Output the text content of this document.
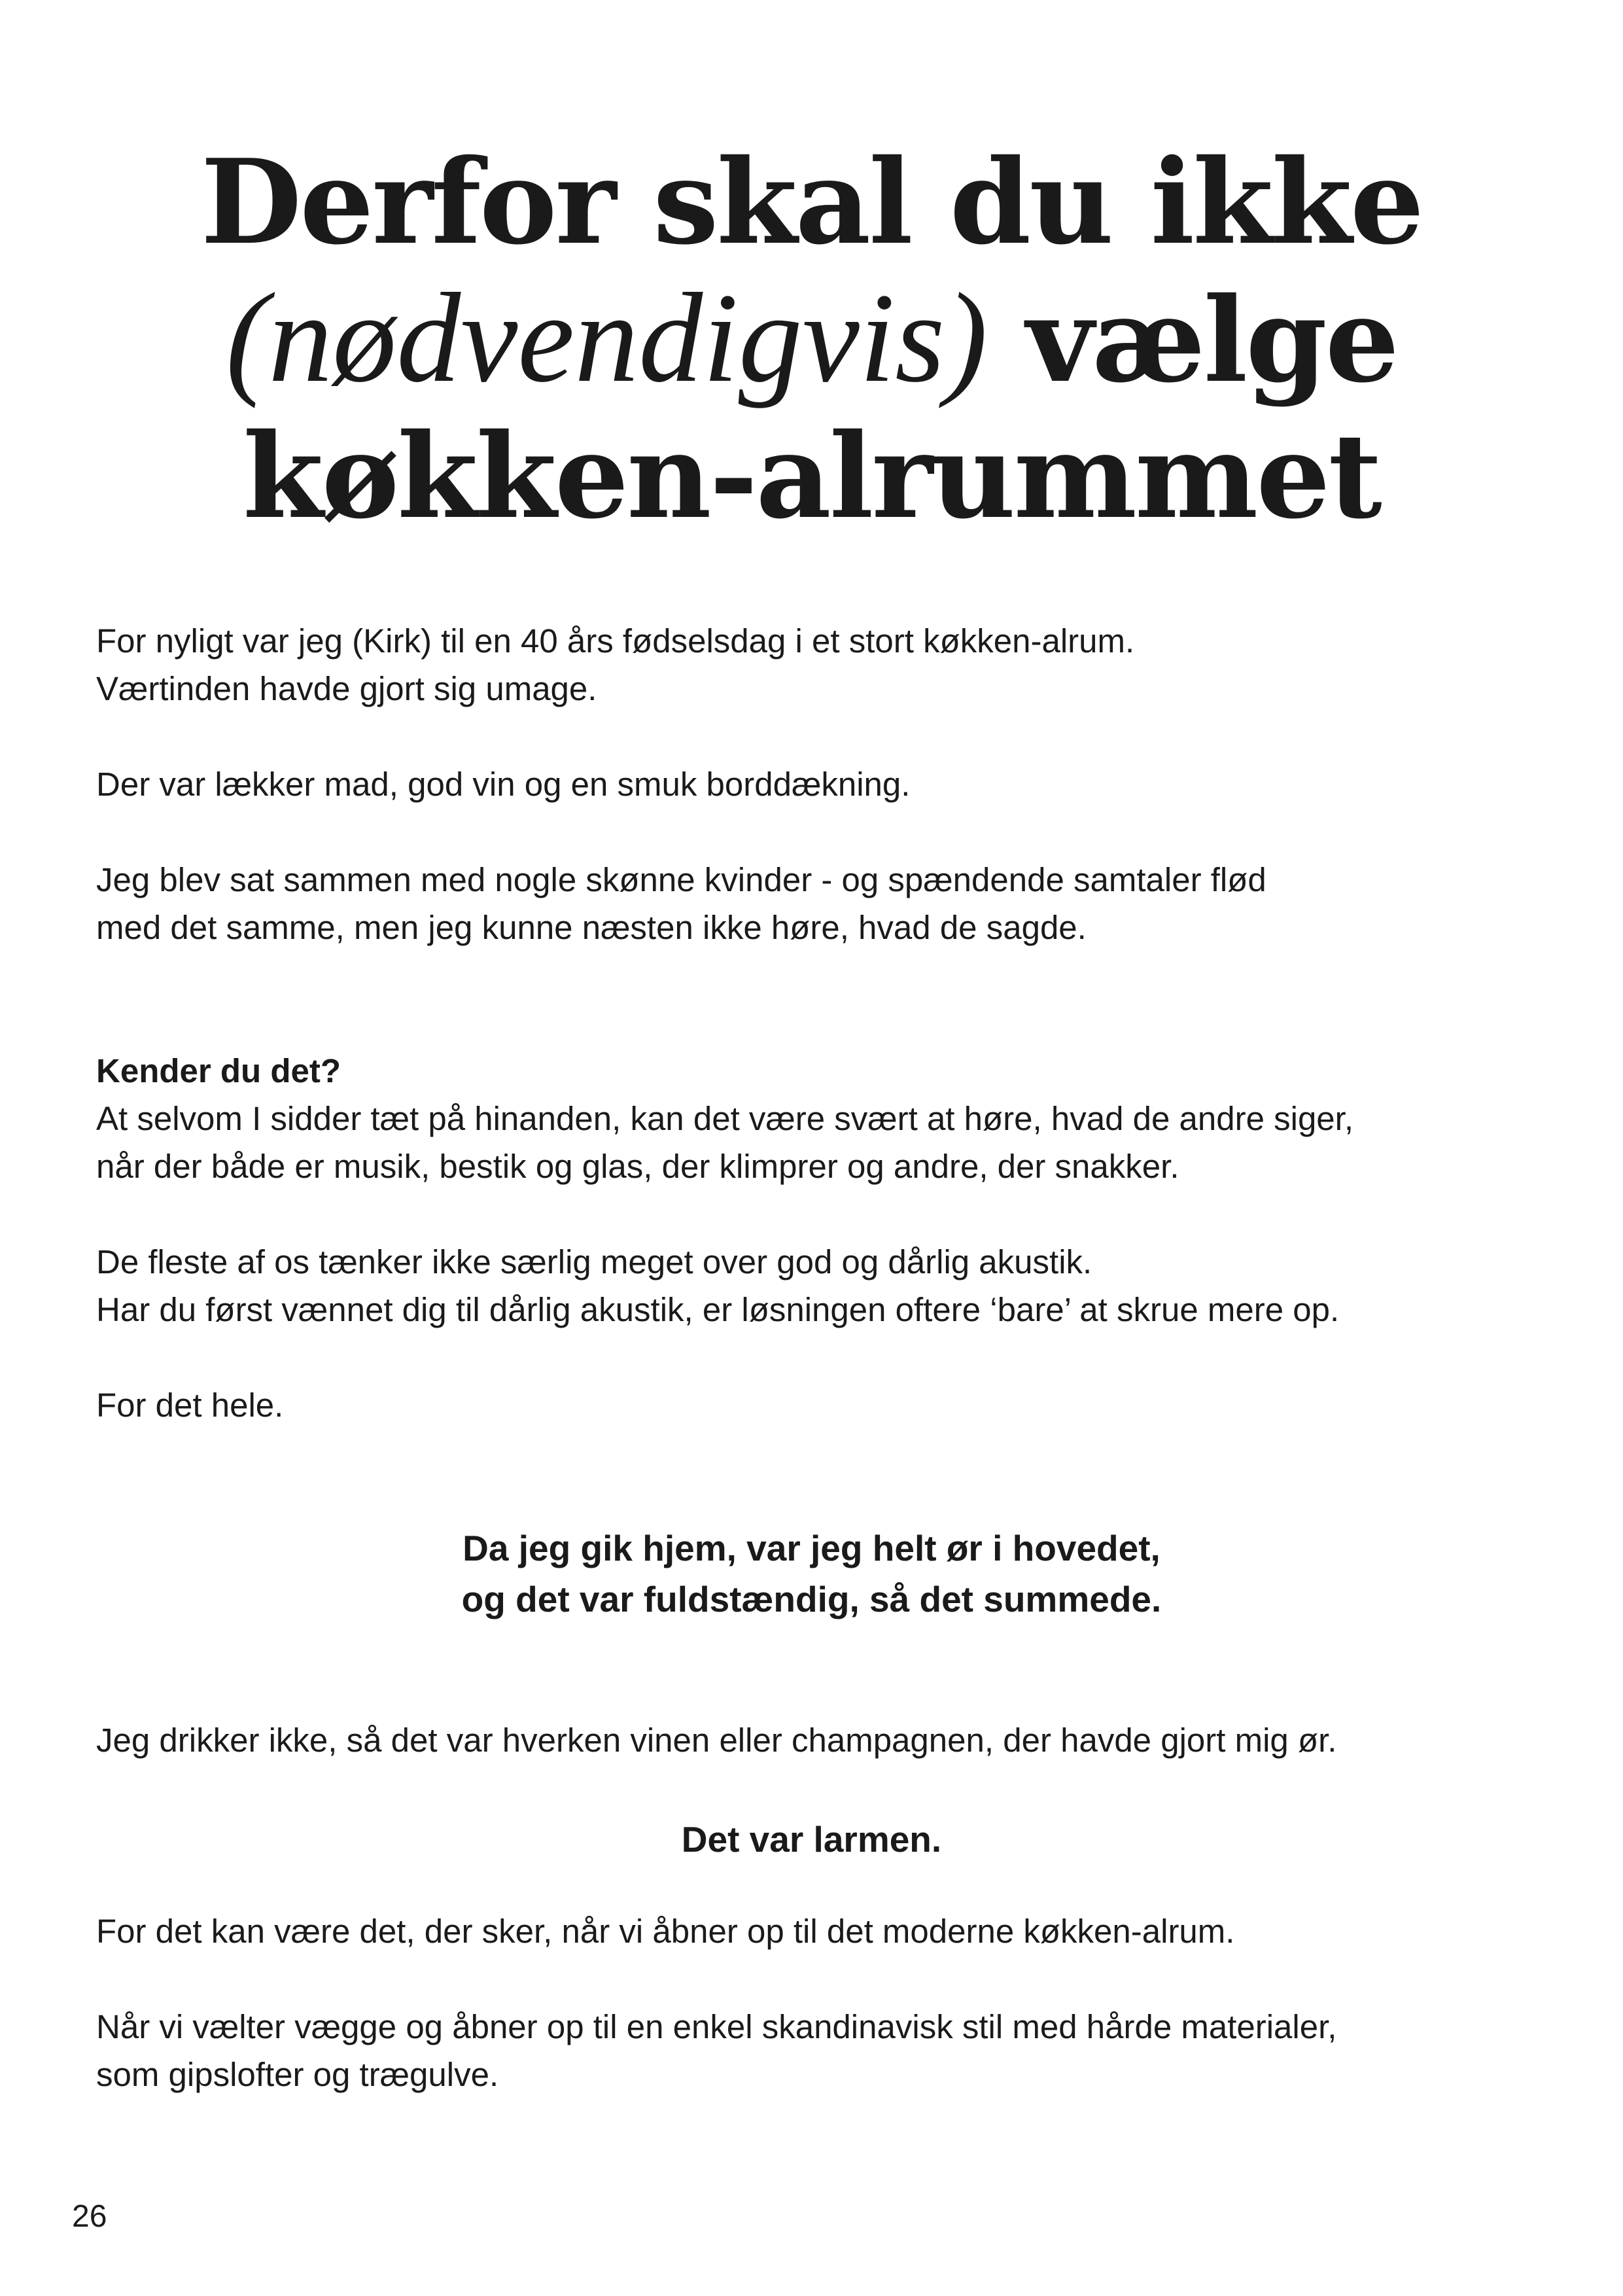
Derfor skal du ikke
(nødvendigvis) vælge
køkken-alrummet
For nyligt var jeg (Kirk) til en 40 års fødselsdag i et stort køkken-alrum.
Værtinden havde gjort sig umage.
Der var lækker mad, god vin og en smuk borddækning.
Jeg blev sat sammen med nogle skønne kvinder - og spændende samtaler flød
med det samme, men jeg kunne næsten ikke høre, hvad de sagde.
Kender du det?
At selvom I sidder tæt på hinanden, kan det være svært at høre, hvad de andre siger,
når der både er musik, bestik og glas, der klimprer og andre, der snakker.
De fleste af os tænker ikke særlig meget over god og dårlig akustik.
Har du først vænnet dig til dårlig akustik, er løsningen oftere ‘bare’ at skrue mere op.
For det hele.
Jeg drikker ikke, så det var hverken vinen eller champagnen, der havde gjort mig ør.
For det kan være det, der sker, når vi åbner op til det moderne køkken-alrum.
Når vi vælter vægge og åbner op til en enkel skandinavisk stil med hårde materialer,
som gipslofter og trægulve.
Da jeg gik hjem, var jeg helt ør i hovedet,
og det var fuldstændig, så det summede.
Det var larmen.
26
